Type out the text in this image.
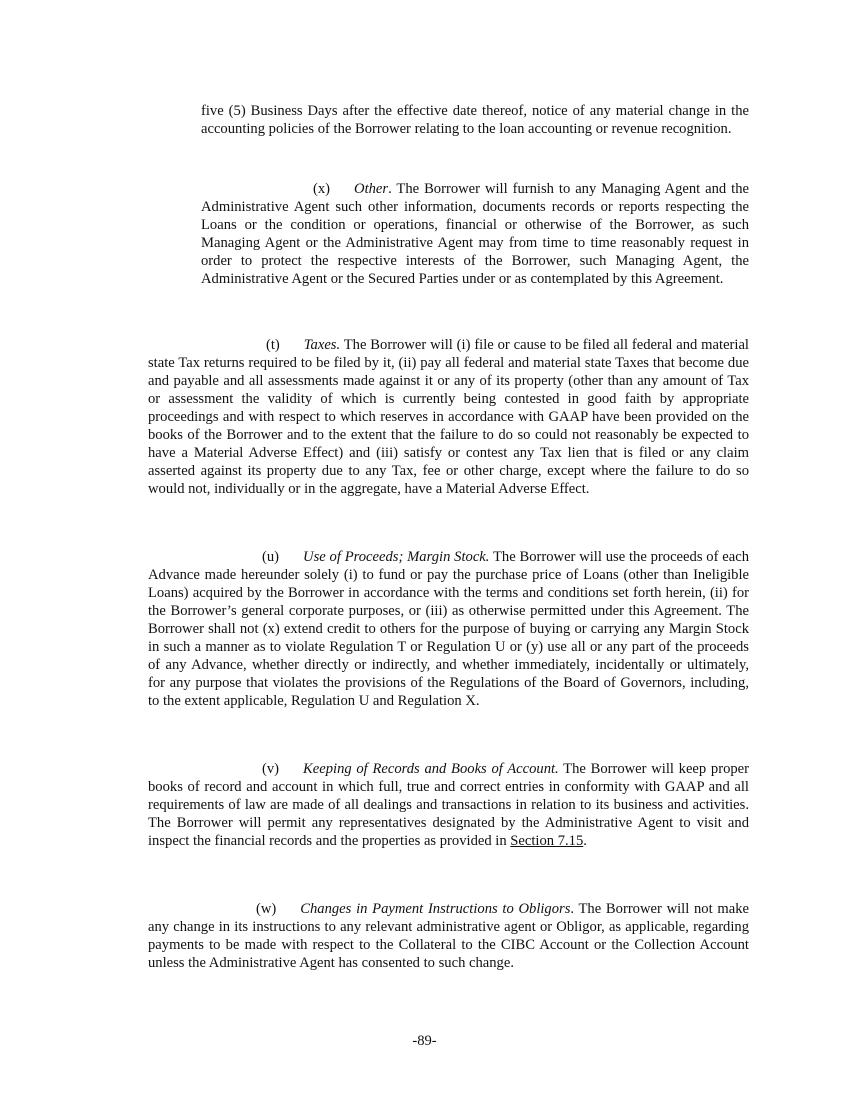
five (5) Business Days after the effective date thereof, notice of any material change in the accounting policies of the Borrower relating to the loan accounting or revenue recognition.

(x) Other. The Borrower will furnish to any Managing Agent and the Administrative Agent such other information, documents records or reports respecting the Loans or the condition or operations, financial or otherwise of the Borrower, as such Managing Agent or the Administrative Agent may from time to time reasonably request in order to protect the respective interests of the Borrower, such Managing Agent, the Administrative Agent or the Secured Parties under or as contemplated by this Agreement.

(t) Taxes. The Borrower will (i) file or cause to be filed all federal and material state Tax returns required to be filed by it, (ii) pay all federal and material state Taxes that become due and payable and all assessments made against it or any of its property (other than any amount of Tax or assessment the validity of which is currently being contested in good faith by appropriate proceedings and with respect to which reserves in accordance with GAAP have been provided on the books of the Borrower and to the extent that the failure to do so could not reasonably be expected to have a Material Adverse Effect) and (iii) satisfy or contest any Tax lien that is filed or any claim asserted against its property due to any Tax, fee or other charge, except where the failure to do so would not, individually or in the aggregate, have a Material Adverse Effect.

(u) Use of Proceeds; Margin Stock. The Borrower will use the proceeds of each Advance made hereunder solely (i) to fund or pay the purchase price of Loans (other than Ineligible Loans) acquired by the Borrower in accordance with the terms and conditions set forth herein, (ii) for the Borrower’s general corporate purposes, or (iii) as otherwise permitted under this Agreement. The Borrower shall not (x) extend credit to others for the purpose of buying or carrying any Margin Stock in such a manner as to violate Regulation T or Regulation U or (y) use all or any part of the proceeds of any Advance, whether directly or indirectly, and whether immediately, incidentally or ultimately, for any purpose that violates the provisions of the Regulations of the Board of Governors, including, to the extent applicable, Regulation U and Regulation X.

(v) Keeping of Records and Books of Account. The Borrower will keep proper books of record and account in which full, true and correct entries in conformity with GAAP and all requirements of law are made of all dealings and transactions in relation to its business and activities. The Borrower will permit any representatives designated by the Administrative Agent to visit and inspect the financial records and the properties as provided in Section 7.15.

(w) Changes in Payment Instructions to Obligors. The Borrower will not make any change in its instructions to any relevant administrative agent or Obligor, as applicable, regarding payments to be made with respect to the Collateral to the CIBC Account or the Collection Account unless the Administrative Agent has consented to such change.

-89-
